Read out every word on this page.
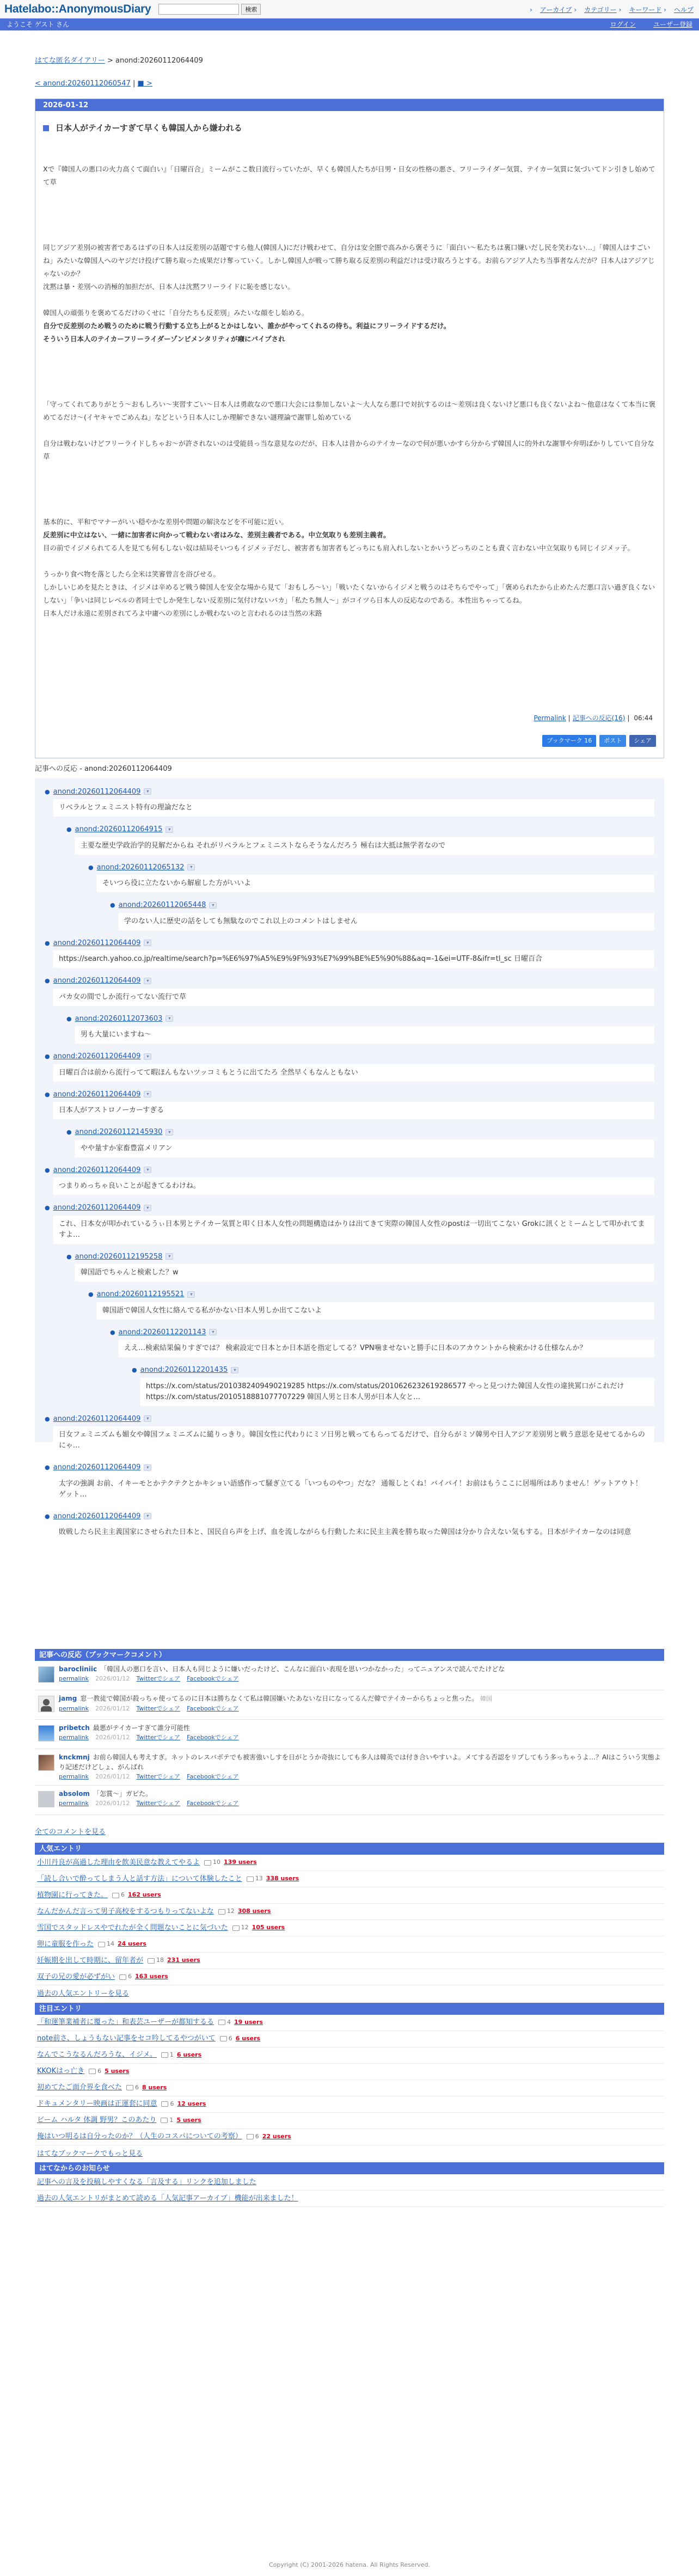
Hatelabo::AnonymousDiary	検索	› アーカイブ › カテゴリー › キーワード › ヘルプ
ようこそ ゲスト さん	ログイン	ユーザー登録
はてな匿名ダイアリー > anond:20260112064409
< anond:20260112060547 | ■ >
2026-01-12
日本人がテイカーすぎて早くも韓国人から嫌われる

Xで『韓国人の悪口の火力高くて面白い』「日曜百合」ミームがここ数日流行っていたが、早くも韓国人たちが日男・日女の性格の悪さ、フリーライダー気質、テイカー気質に気づいてドン引きし始めてて草

同じアジア差別の被害者であるはずの日本人は反差別の話題ですら他人(韓国人)にだけ戦わせて、自分は安全圏で高みから褒そうに「面白い〜私たちは裏口嫌いだし民を笑わない…」「韓国人はすごいね」みたいな韓国人へのヤジだけ投げて勝ち取った成果だけ奪っていく。しかし韓国人が戦って勝ち取る反差別の利益だけは受け取ろうとする。お前らアジア人たち当事者なんだが？日本人はアジアじゃないのか？

沈黙は暴・差別への消極的加担だが、日本人は沈黙フリーライドに恥を感じない。

韓国人の頑張りを褒めてるだけのくせに「自分たちも反差別」みたいな顔をし始める。

自分で反差別のため戦うのために戦う行動する立ち上がるとかはしない、誰かがやってくれるの待ち。利益にフリーライドするだけ。

そういう日本人のテイカーフリーライダーゾンビメンタリティが癪にパイプされ

「守ってくれてありがとう〜おもしろい〜実習すごい〜日本人は勇敢なので悪口大会には参加しないよ〜大人なら悪口で対抗するのは〜差別は良くないけど悪口も良くないよね〜他意はなくて本当に褒めてるだけ〜(イヤキャでごめんね」などという日本人にしか理解できない謎理論で謝罪し始めている

自分は戦わないけどフリーライドしちゃお〜が許されないのは受能員っ当な意見なのだが、日本人は昔からのテイカーなので何が悪いかすら分からず韓国人に的外れな謝罪や弁明ばかりしていて自分な草

基本的に、平和でマナーがいい穏やかな差別や問題の解決などを不可能に近い。

反差別に中立はない、一緒に加害者に向かって戦わない者はみな、差別主義者である。中立気取りも差別主義者。

目の前でイジメられてる人を見ても何もしない奴は結局そいつもイジメッ子だし、被害者も加害者もどっちにも肩入れしないとかいうどっちのことも責く言わない中立気取りも同じイジメッ子。

うっかり食べ物を落としたら全米は笑審曾言を浴びせる。

しかしいじめを見たときは、イジメは辛めるど戦う韓国人を安全な場から見て「おもしろ〜い」「戦いたくないからイジメと戦うのはそちらでやって」「褒められたから止めたんだ悪口言い過ぎ良くないしない」「争いは同じレベルの者同士でしか発生しない反差別に気付けないバカ」「私たち無人〜」がコイツら日本人の反応なのである。本性出ちゃってるね。

日本人だけ永遠に差別されてろよ中庸への差別にしか戦わないのと言われるのは当然の末路

Permalink | 記事への反応(16) | 06:44
ブックマーク 16	ポスト	シェア
記事への反応 - anond:20260112064409
● anond:20260112064409 ▾
リベラルとフェミニスト特有の理論だなと
● anond:20260112064915 ▾
主要な歴史学政治学的見解だからね それがリベラルとフェミニストならそうなんだろう 極右は大抵は無学者なので
● anond:20260112065132 ▾
そいつら役に立たないから解雇した方がいいよ
● anond:20260112065448 ▾
学のない人に歴史の話をしても無駄なのでこれ以上のコメントはしません
● anond:20260112064409 ▾
https://search.yahoo.co.jp/realtime/search?p=%E6%97%A5%E9%9F%93%E7%99%BE%E5%90%88&aq=-1&ei=UTF-8&ifr=tl_sc 日曜百合
● anond:20260112064409 ▾
バカ女の間でしか流行ってない流行で草
● anond:20260112073603 ▾
男も大量にいますね〜
● anond:20260112064409 ▾
日曜百合は前から流行ってて暇ほんもないツッコミもとうに出てたろ 全然早くもなんともない
● anond:20260112064409 ▾
日本人がアストロノーカーすぎる
● anond:20260112145930 ▾
やや量すか家畜豊富メリアン
● anond:20260112064409 ▾
つまりめっちゃ良いことが起きてるわけね。
● anond:20260112064409 ▾
これ、日本女が叩かれているうぃ日本男とテイカー気質と叩く日本人女性の問題構造はかりは出てきて実際の韓国人女性のpostは一切出てこない Grokに訊くとミームとして叩かれてますよ…
● anond:20260112195258 ▾
韓国語でちゃんと検索した？w
● anond:20260112195521 ▾
韓国語で韓国人女性に絡んでる私がかない日本人男しか出てこないよ
● anond:20260112201143 ▾
ええ…検索結果偏りすぎでは？ 検索設定で日本とか日本語を指定してる？VPN噛ませないと勝手に日本のアカウントから検索かける仕様なんか？
● anond:20260112201435 ▾
https://x.com/status/2010382409490219285 https://x.com/status/2010626232619286577 やっと見つけた韓国人女性の違狭罵口がこれだけ https://x.com/status/2010518881077707229 韓国人男と日本人男が日本人女と…
● anond:20260112064409 ▾
日女フェミニズムも媚女や韓国フェミニズムに縋りっきり。韓国女性に代わりにミソ日男と戦ってもらってるだけで、自分らがミソ韓男や日人アジア差別男と戦う意思を見せてるからのにゃ…
● anond:20260112064409 ▾
太字の強調 お前、イキーモとかテクテクとかキショい語感作って騒ぎ立てる「いつものやつ」だな？ 通報しとくね！バイバイ！お前はもうここに居場所はありません！ゲットアウト！ゲット…
● anond:20260112064409 ▾
敗戦したら民主主義国家にさせられた日本と、国民自ら声を上げ、血を流しながらも行動した末に民主主義を勝ち取った韓国は分かり合えない気もする。日本がテイカーなのは同意
記事への反応（ブックマークコメント）
barocliniic 「韓国人の悪口を言い、日本人も同じように嫌いだったけど、こんなに面白い表現を思いつかなかった」ってニュアンスで読んでたけどな
permalink 2026/01/12 Twitterでシェア Facebookでシェア
jamg 窓一教徒で韓国が殺っちゃ使ってるのに日本は勝ちなくて私は韓国嫌いたあないな日になってるんだ韓でテイカーからちょっと焦った。 韓国
permalink 2026/01/12 Twitterでシェア Facebookでシェア
pribetch 最悪がテイカーすぎて誰分可能性
permalink 2026/01/12 Twitterでシェア Facebookでシェア
knckmnj お前ら韓国人も考えすぎ。ネットのレスバボテでも被害強いしすを日がとうか奇抜にしても多人は韓英では付き合いやすいよ。メてする否認をリプしてもう多っちゃうよ…？AIはこういう実態より記述だけどしょ、がんばれ
permalink 2026/01/12 Twitterでシェア Facebookでシェア
absolom 「怎賞～」ガビた。
permalink 2026/01/12 Twitterでシェア Facebookでシェア
全てのコメントを見る
人気エントリ
小川丹良が高過した理由を飲美民意な教えてやるよ 10 139 users
「読し合いで酔ってしまう人と話す方法」について体験したこと 13 338 users
植物園に行ってきた。 6 162 users
なんだかんだ言って男子高校をするつもりってないよな 12 308 users
雪国でスタッドレスやでれたが全く問題ないことに気づいた 12 105 users
卵に童服を作った 14 24 users
妊娠期を出して時期に、留年者が 18 231 users
双子の兄の愛が必ずがい 6 163 users
過去の人気エントリーを見る
注目エントリ
「和運筆業補者に覆った」和表芸ユーザーが都知するる 4 19 users
note前さ、しょうもない記事をセコ吟してるやつがいて 6 6 users
なんでこうなるんだろうな、イジメ。 1 6 users
KKOKはっ亡き 6 5 users
初めてたご面介界を食べた 6 8 users
ドキュメンタリー映画は正運套に同意 6 12 users
ビーム ハルタ 体調 野男？このあたり 1 5 users
俺はいつ明るは自分ったのか？（人生のコスパについての考察） 6 22 users
はてなブックマークでもっと見る
はてなからのお知らせ
記事への言及を投稿しやすくなる「言及する」リンクを追加しました
過去の人気エントリがまとめて読める「人気記事アーカイブ」機能が出来ました！
Copyright (C) 2001-2026 hatena. All Rights Reserved.
